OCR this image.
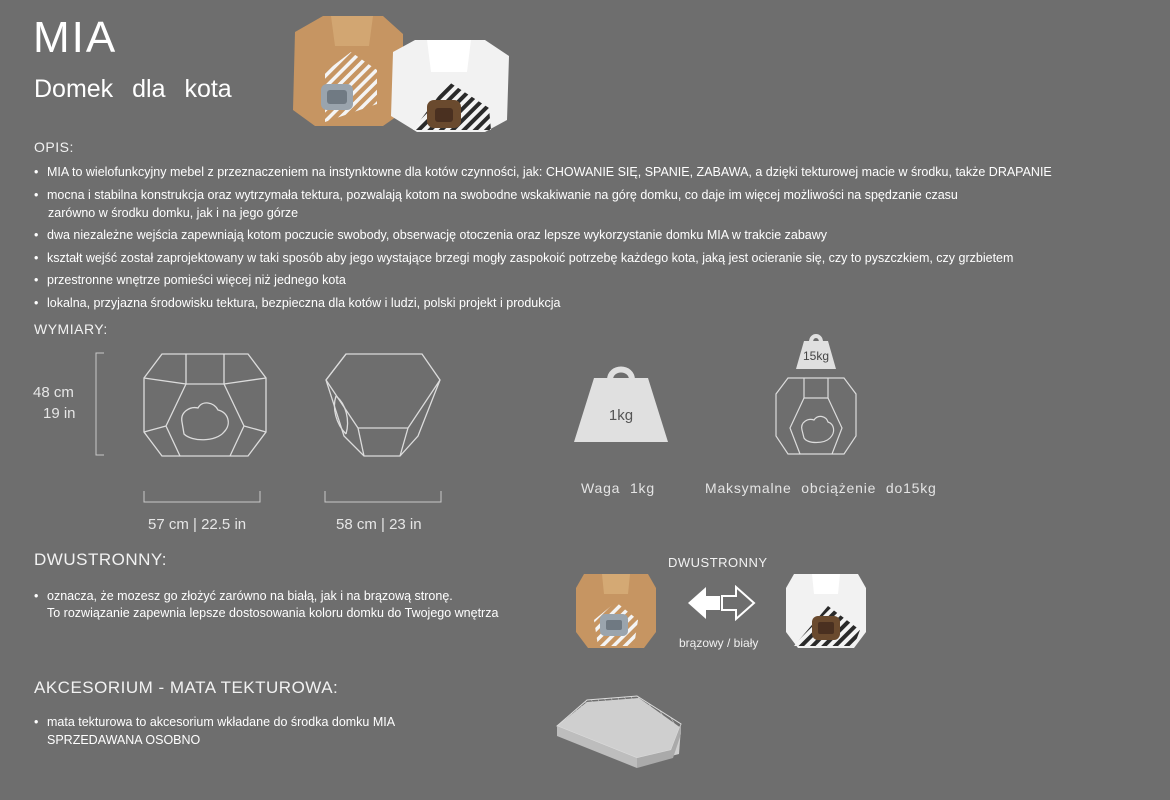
MIA
Domek dla kota
OPIS:
• MIA to wielofunkcyjny mebel z przeznaczeniem na instynktowne dla kotów czynności, jak: CHOWANIE SIĘ, SPANIE, ZABAWA, a dzięki tekturowej macie w środku, także DRAPANIE
• mocna i stabilna konstrukcja oraz wytrzymała tektura, pozwalają kotom na swobodne wskakiwanie na górę domku, co daje im więcej możliwości na spędzanie czasu
zarówno w środku domku, jak i na jego górze
• dwa niezależne wejścia zapewniają kotom poczucie swobody, obserwację otoczenia oraz lepsze wykorzystanie domku MIA w trakcie zabawy
• kształt wejść został zaprojektowany w taki sposób aby jego wystające brzegi mogły zaspokoić potrzebę każdego kota, jaką jest ocieranie się, czy to pyszczkiem, czy grzbietem
• przestronne wnętrze pomieści więcej niż jednego kota
• lokalna, przyjazna środowisku tektura, bezpieczna dla kotów i ludzi, polski projekt i produkcja
WYMIARY:
48 cm
19 in
57 cm | 22.5 in	58 cm | 23 in
1kg
Waga 1kg
15kg
Maksymalne obciążenie do15kg
DWUSTRONNY:
• oznacza, że mozesz go złożyć zarówno na białą, jak i na brązową stronę.
To rozwiązanie zapewnia lepsze dostosowania koloru domku do Twojego wnętrza
DWUSTRONNY
brązowy / biały
AKCESORIUM - MATA TEKTUROWA:
• mata tekturowa to akcesorium wkładane do środka domku MIA
SPRZEDAWANA OSOBNO
